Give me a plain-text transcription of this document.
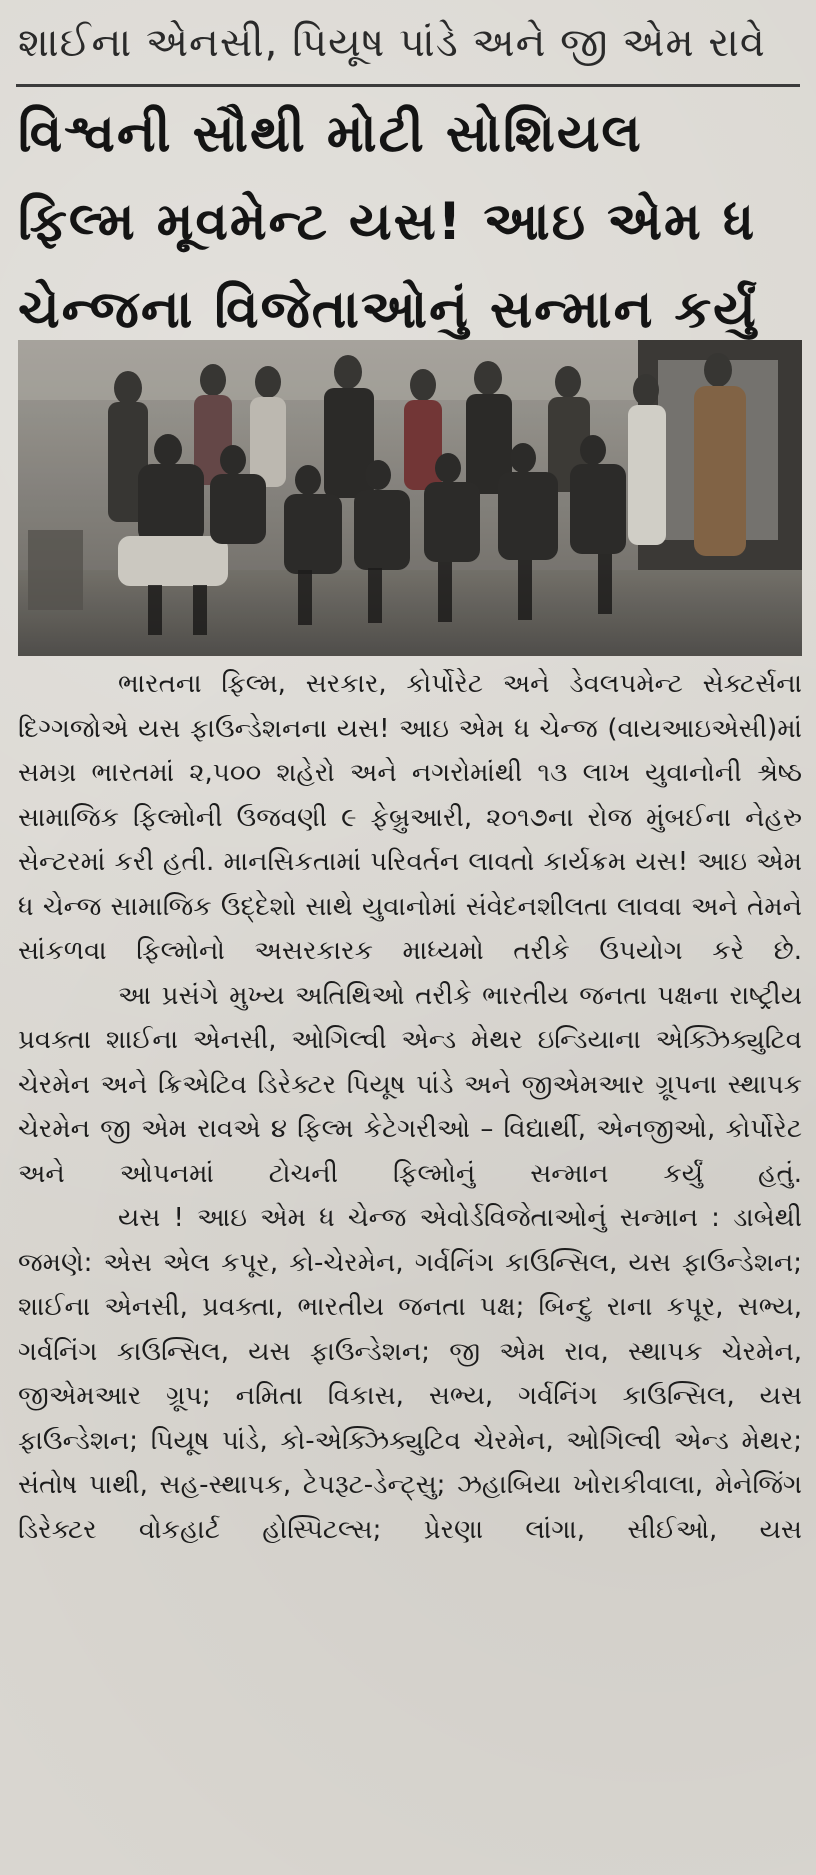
શાઈના એનસી, પિયૂષ પાંડે અને જી એમ રાવે
વિશ્વની સૌથી મોટી સોશિયલ
ફિલ્મ મૂવમેન્ટ યસ! આઇ એમ ધ
ચેન્જના વિજેતાઓનું સન્માન કર્યું

ભારતના ફિલ્મ, સરકાર, કોર્પોરેટ અને ડેવલપમેન્ટ સેક્ટર્સના દિગ્ગજોએ યસ ફાઉન્ડેશનના યસ! આઇ એમ ધ ચેન્જ (વાયઆઇએસી)માં સમગ્ર ભારતમાં ૨,૫૦૦ શહેરો અને નગરોમાંથી ૧૩ લાખ યુવાનોની શ્રેષ્ઠ સામાજિક ફિલ્મોની ઉજવણી ૯ ફેબ્રુઆરી, ૨૦૧૭ના રોજ મુંબઈના નેહરુ સેન્ટરમાં કરી હતી. માનસિકતામાં પરિવર્તન લાવતો કાર્યક્રમ યસ! આઇ એમ ધ ચેન્જ સામાજિક ઉદ્દેશો સાથે યુવાનોમાં સંવેદનશીલતા લાવવા અને તેમને સાંકળવા ફિલ્મોનો અસરકારક માધ્યમો તરીકે ઉપયોગ કરે છે.

આ પ્રસંગે મુખ્ય અતિથિઓ તરીકે ભારતીય જનતા પક્ષના રાષ્ટ્રીય પ્રવક્તા શાઈના એનસી, ઓગિલ્વી એન્ડ મેથર ઇન્ડિયાના એક્ઝિક્યુટિવ ચેરમેન અને ક્રિએટિવ ડિરેક્ટર પિયૂષ પાંડે અને જીએમઆર ગ્રૂપના સ્થાપક ચેરમેન જી એમ રાવએ ૪ ફિલ્મ કેટેગરીઓ – વિદ્યાર્થી, એનજીઓ, કોર્પોરેટ અને ઓપનમાં ટોચની ફિલ્મોનું સન્માન કર્યું હતું.

યસ ! આઇ એમ ધ ચેન્જ એવોર્ડવિજેતાઓનું સન્માન : ડાબેથી જમણે: એસ એલ કપૂર, કો-ચેરમેન, ગર્વનિંગ કાઉન્સિલ, યસ ફાઉન્ડેશન; શાઈના એનસી, પ્રવક્તા, ભારતીય જનતા પક્ષ; બિન્દુ રાના કપૂર, સભ્ય, ગર્વનિંગ કાઉન્સિલ, યસ ફાઉન્ડેશન; જી એમ રાવ, સ્થાપક ચેરમેન, જીએમઆર ગ્રૂપ; નમિતા વિકાસ, સભ્ય, ગર્વનિંગ કાઉન્સિલ, યસ ફાઉન્ડેશન; પિયૂષ પાંડે, કો-એક્ઝિક્યુટિવ ચેરમેન, ઓગિલ્વી એન્ડ મેથર; સંતોષ પાથી, સહ-સ્થાપક, ટેપરૂટ-ડેન્ટ્સુ; ઝહાબિયા ખોરાકીવાલા, મેનેજિંગ ડિરેક્ટર વોકહાર્ટ હોસ્પિટલ્સ; પ્રેરણા લાંગા, સીઈઓ, યસ
